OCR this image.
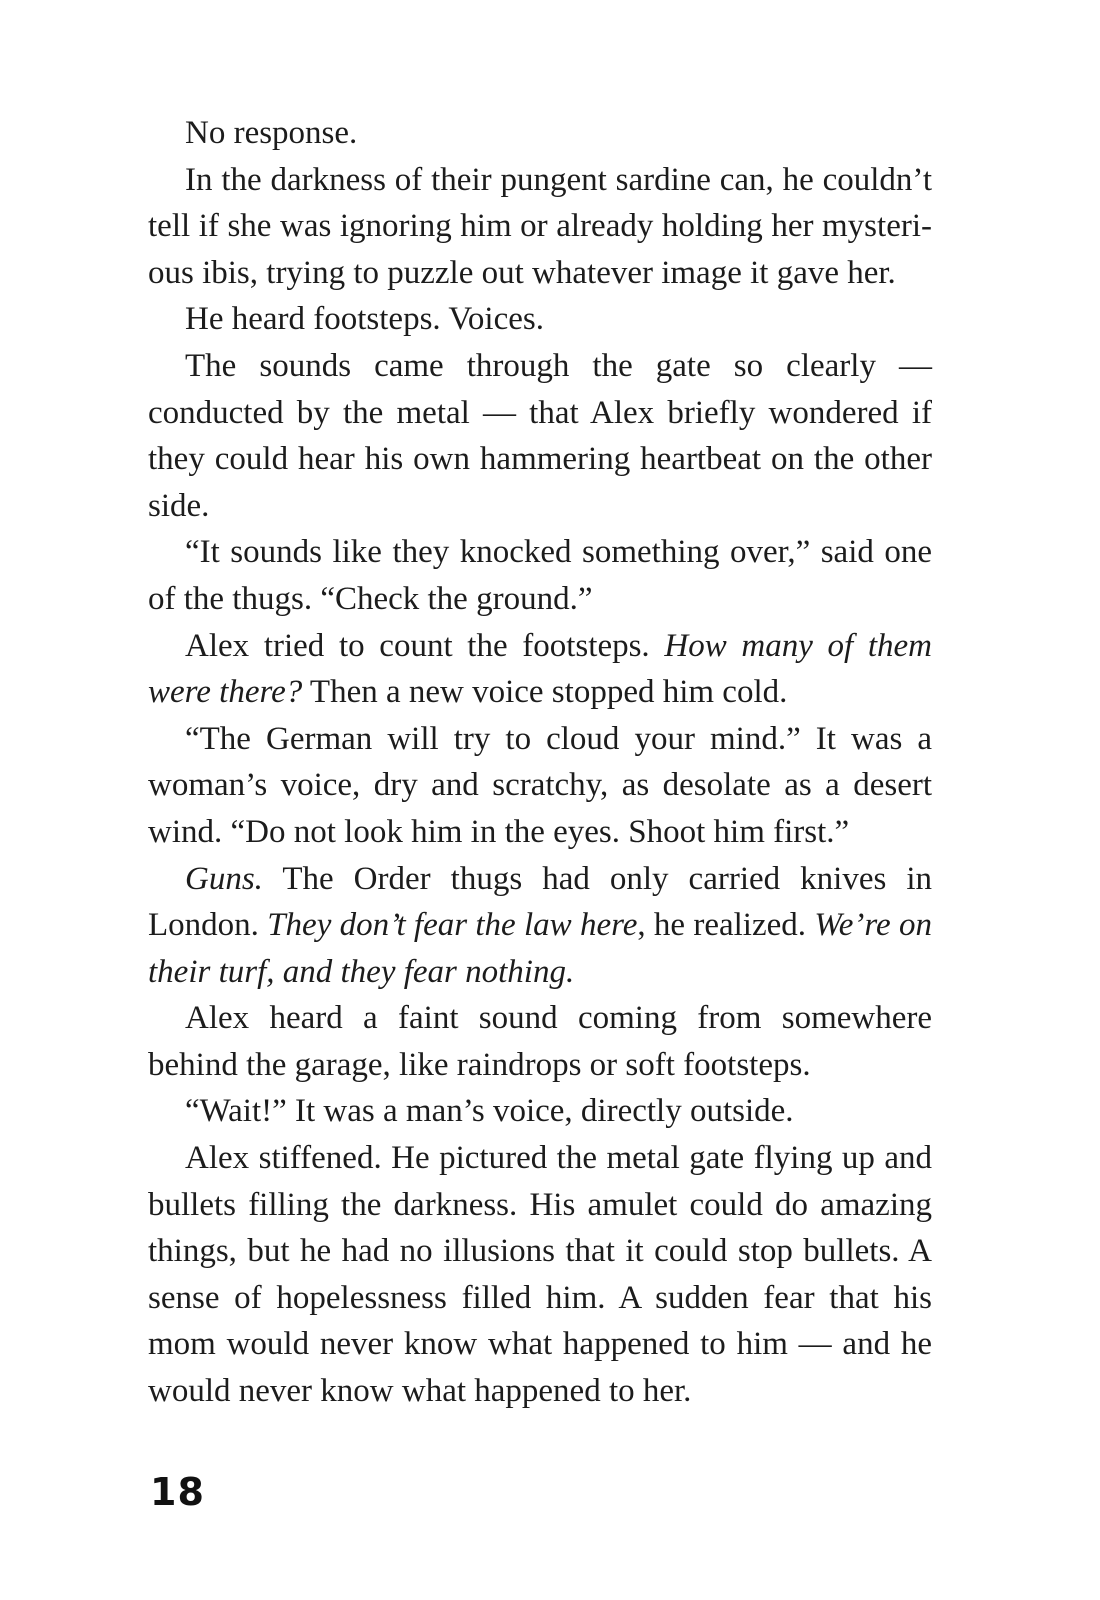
No response.

In the darkness of their pungent sardine can, he couldn’t tell if she was ignoring him or already holding her mysterious ibis, trying to puzzle out whatever image it gave her.

He heard footsteps. Voices.

The sounds came through the gate so clearly — conducted by the metal — that Alex briefly wondered if they could hear his own hammering heartbeat on the other side.

“It sounds like they knocked something over,” said one of the thugs. “Check the ground.”

Alex tried to count the footsteps. How many of them were there? Then a new voice stopped him cold.

“The German will try to cloud your mind.” It was a woman’s voice, dry and scratchy, as desolate as a desert wind. “Do not look him in the eyes. Shoot him first.”

Guns. The Order thugs had only carried knives in London. They don’t fear the law here, he realized. We’re on their turf, and they fear nothing.

Alex heard a faint sound coming from somewhere behind the garage, like raindrops or soft footsteps.

“Wait!” It was a man’s voice, directly outside.

Alex stiffened. He pictured the metal gate flying up and bullets filling the darkness. His amulet could do amazing things, but he had no illusions that it could stop bullets. A sense of hopelessness filled him. A sudden fear that his mom would never know what happened to him — and he would never know what happened to her.

18
